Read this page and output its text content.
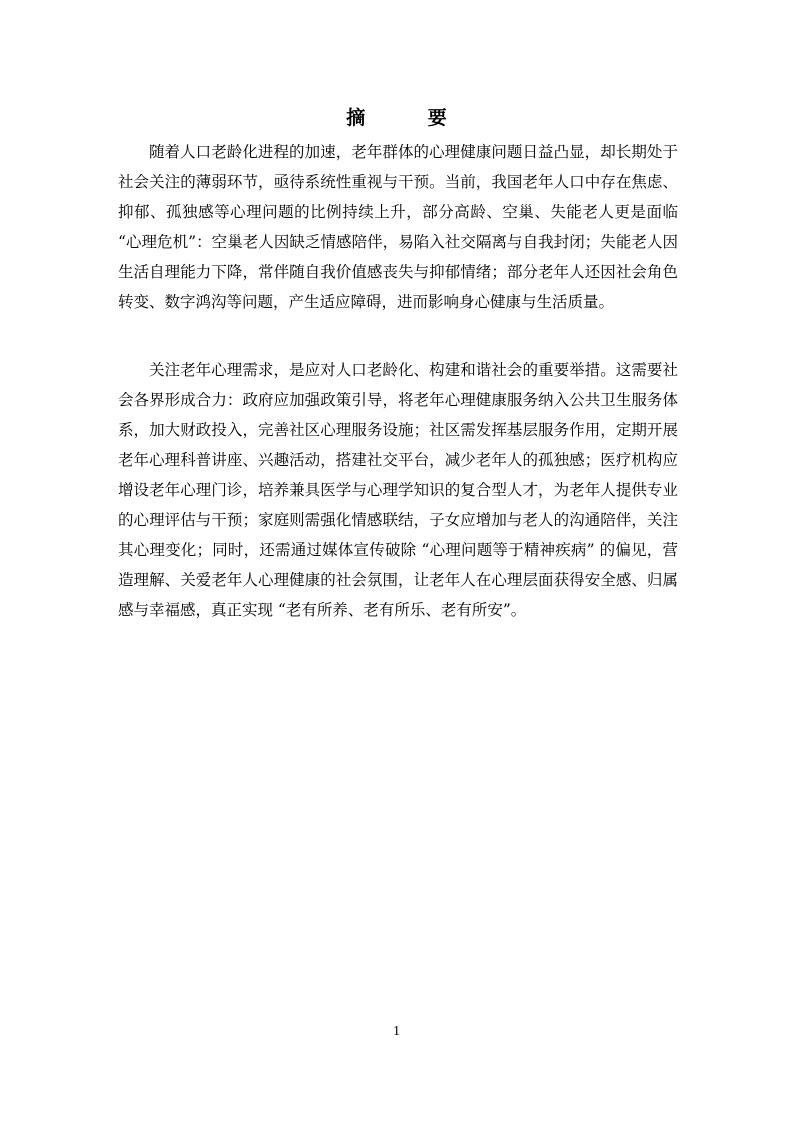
摘 要

随着人口老龄化进程的加速，老年群体的心理健康问题日益凸显，却长期处于社会关注的薄弱环节，亟待系统性重视与干预。当前，我国老年人口中存在焦虑、抑郁、孤独感等心理问题的比例持续上升，部分高龄、空巢、失能老人更是面临 “心理危机”：空巢老人因缺乏情感陪伴，易陷入社交隔离与自我封闭；失能老人因生活自理能力下降，常伴随自我价值感丧失与抑郁情绪；部分老年人还因社会角色转变、数字鸿沟等问题，产生适应障碍，进而影响身心健康与生活质量。

关注老年心理需求，是应对人口老龄化、构建和谐社会的重要举措。这需要社会各界形成合力：政府应加强政策引导，将老年心理健康服务纳入公共卫生服务体系，加大财政投入，完善社区心理服务设施；社区需发挥基层服务作用，定期开展老年心理科普讲座、兴趣活动，搭建社交平台，减少老年人的孤独感；医疗机构应增设老年心理门诊，培养兼具医学与心理学知识的复合型人才，为老年人提供专业的心理评估与干预；家庭则需强化情感联结，子女应增加与老人的沟通陪伴，关注其心理变化；同时，还需通过媒体宣传破除 “心理问题等于精神疾病” 的偏见，营造理解、关爱老年人心理健康的社会氛围，让老年人在心理层面获得安全感、归属感与幸福感，真正实现 “老有所养、老有所乐、老有所安”。

1
